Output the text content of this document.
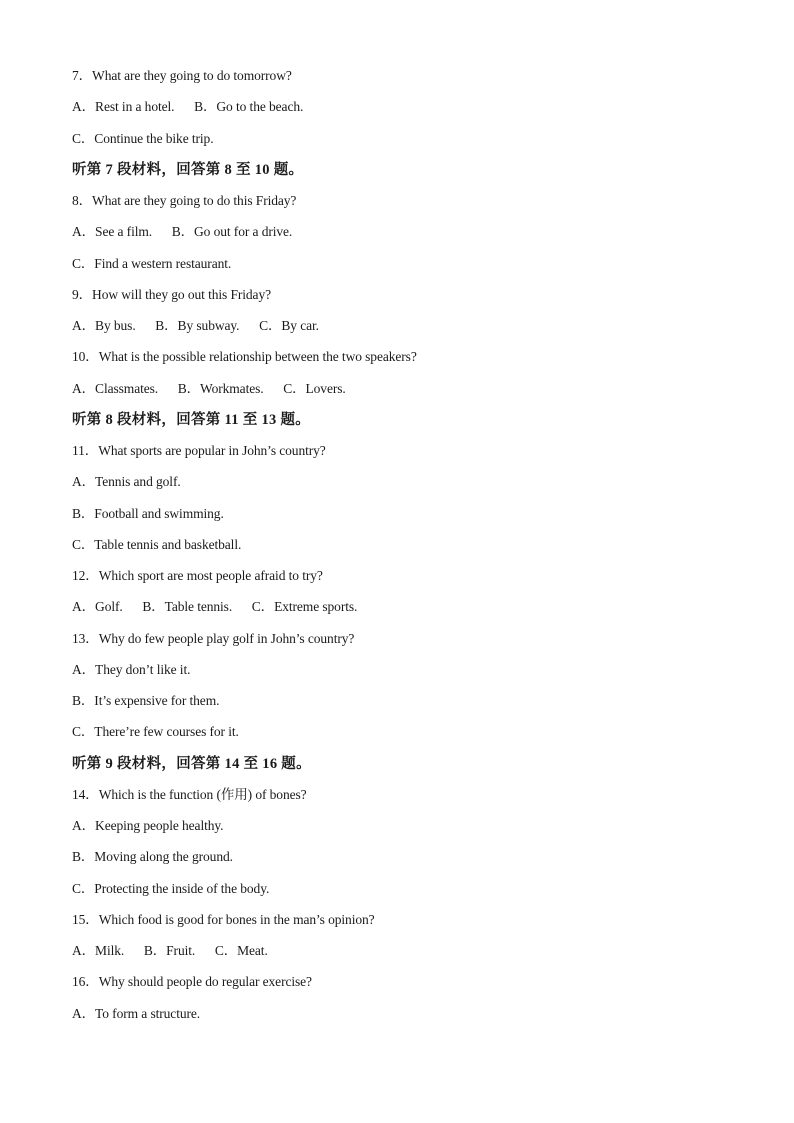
7．What are they going to do tomorrow?
A．Rest in a hotel.      B．Go to the beach.
C．Continue the bike trip.
听第 7 段材料，回答第 8 至 10 题。
8．What are they going to do this Friday?
A．See a film.      B．Go out for a drive.
C．Find a western restaurant.
9．How will they go out this Friday?
A．By bus.      B．By subway.      C．By car.
10．What is the possible relationship between the two speakers?
A．Classmates.      B．Workmates.      C．Lovers.
听第 8 段材料，回答第 11 至 13 题。
11．What sports are popular in John’s country?
A．Tennis and golf.
B．Football and swimming.
C．Table tennis and basketball.
12．Which sport are most people afraid to try?
A．Golf.      B．Table tennis.      C．Extreme sports.
13．Why do few people play golf in John’s country?
A．They don’t like it.
B．It’s expensive for them.
C．There’re few courses for it.
听第 9 段材料，回答第 14 至 16 题。
14．Which is the function (作用) of bones?
A．Keeping people healthy.
B．Moving along the ground.
C．Protecting the inside of the body.
15．Which food is good for bones in the man’s opinion?
A．Milk.      B．Fruit.      C．Meat.
16．Why should people do regular exercise?
A．To form a structure.
